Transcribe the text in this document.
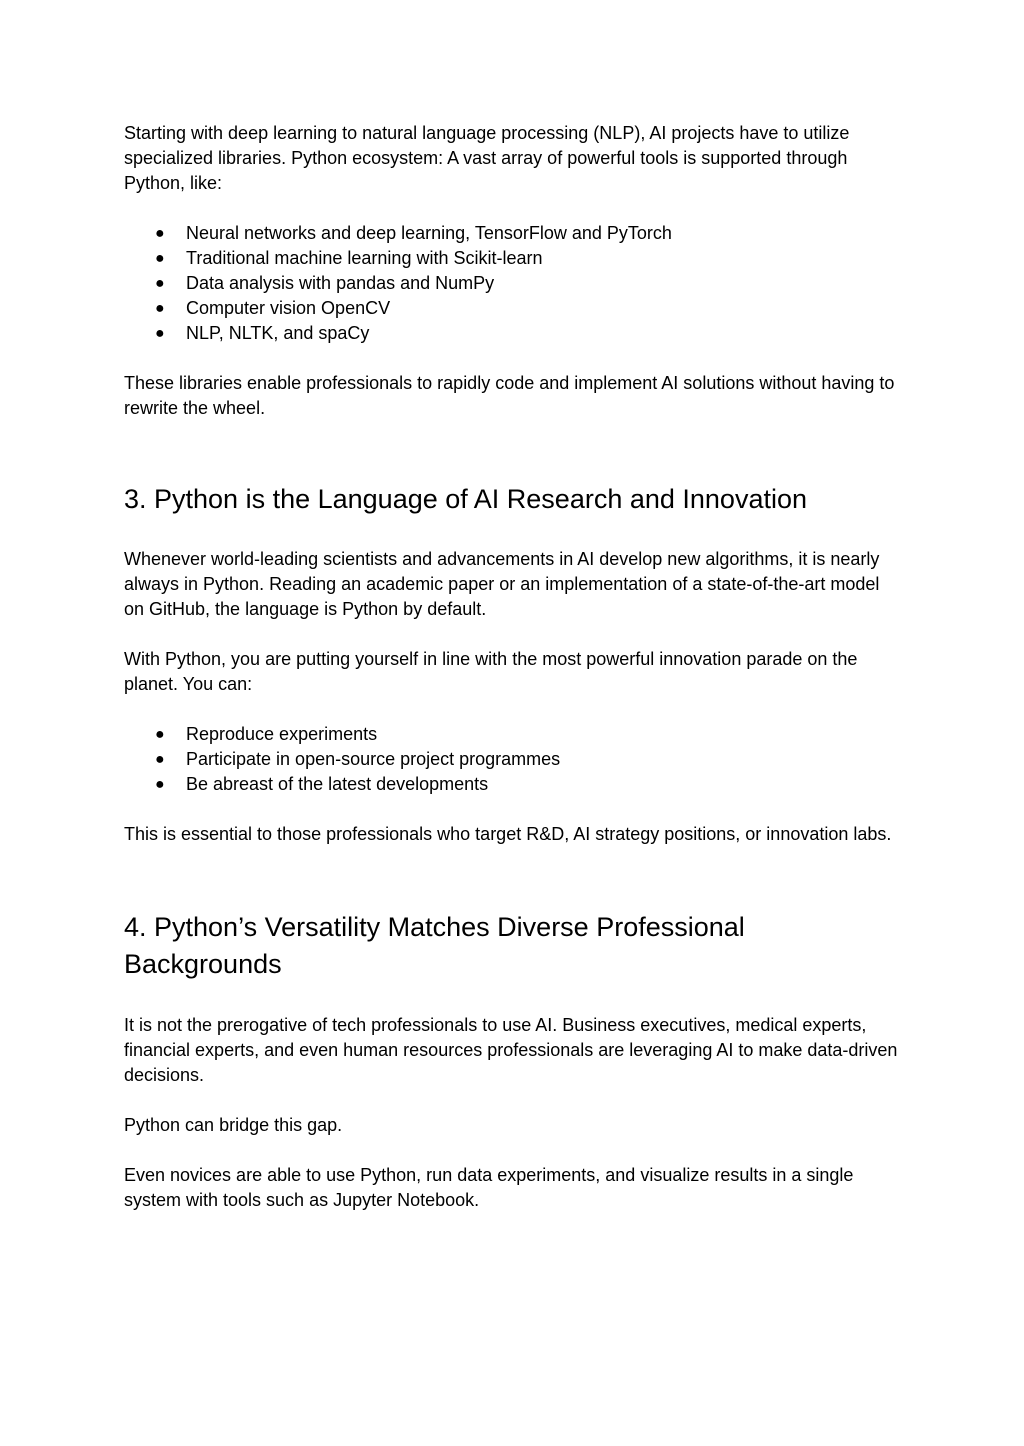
Starting with deep learning to natural language processing (NLP), AI projects have to utilize specialized libraries. Python ecosystem: A vast array of powerful tools is supported through Python, like:

● Neural networks and deep learning, TensorFlow and PyTorch
● Traditional machine learning with Scikit-learn
● Data analysis with pandas and NumPy
● Computer vision OpenCV
● NLP, NLTK, and spaCy

These libraries enable professionals to rapidly code and implement AI solutions without having to rewrite the wheel.

3. Python is the Language of AI Research and Innovation

Whenever world-leading scientists and advancements in AI develop new algorithms, it is nearly always in Python. Reading an academic paper or an implementation of a state-of-the-art model on GitHub, the language is Python by default.

With Python, you are putting yourself in line with the most powerful innovation parade on the planet. You can:

● Reproduce experiments
● Participate in open-source project programmes
● Be abreast of the latest developments

This is essential to those professionals who target R&D, AI strategy positions, or innovation labs.

4. Python’s Versatility Matches Diverse Professional Backgrounds

It is not the prerogative of tech professionals to use AI. Business executives, medical experts, financial experts, and even human resources professionals are leveraging AI to make data-driven decisions.

Python can bridge this gap.

Even novices are able to use Python, run data experiments, and visualize results in a single system with tools such as Jupyter Notebook.
